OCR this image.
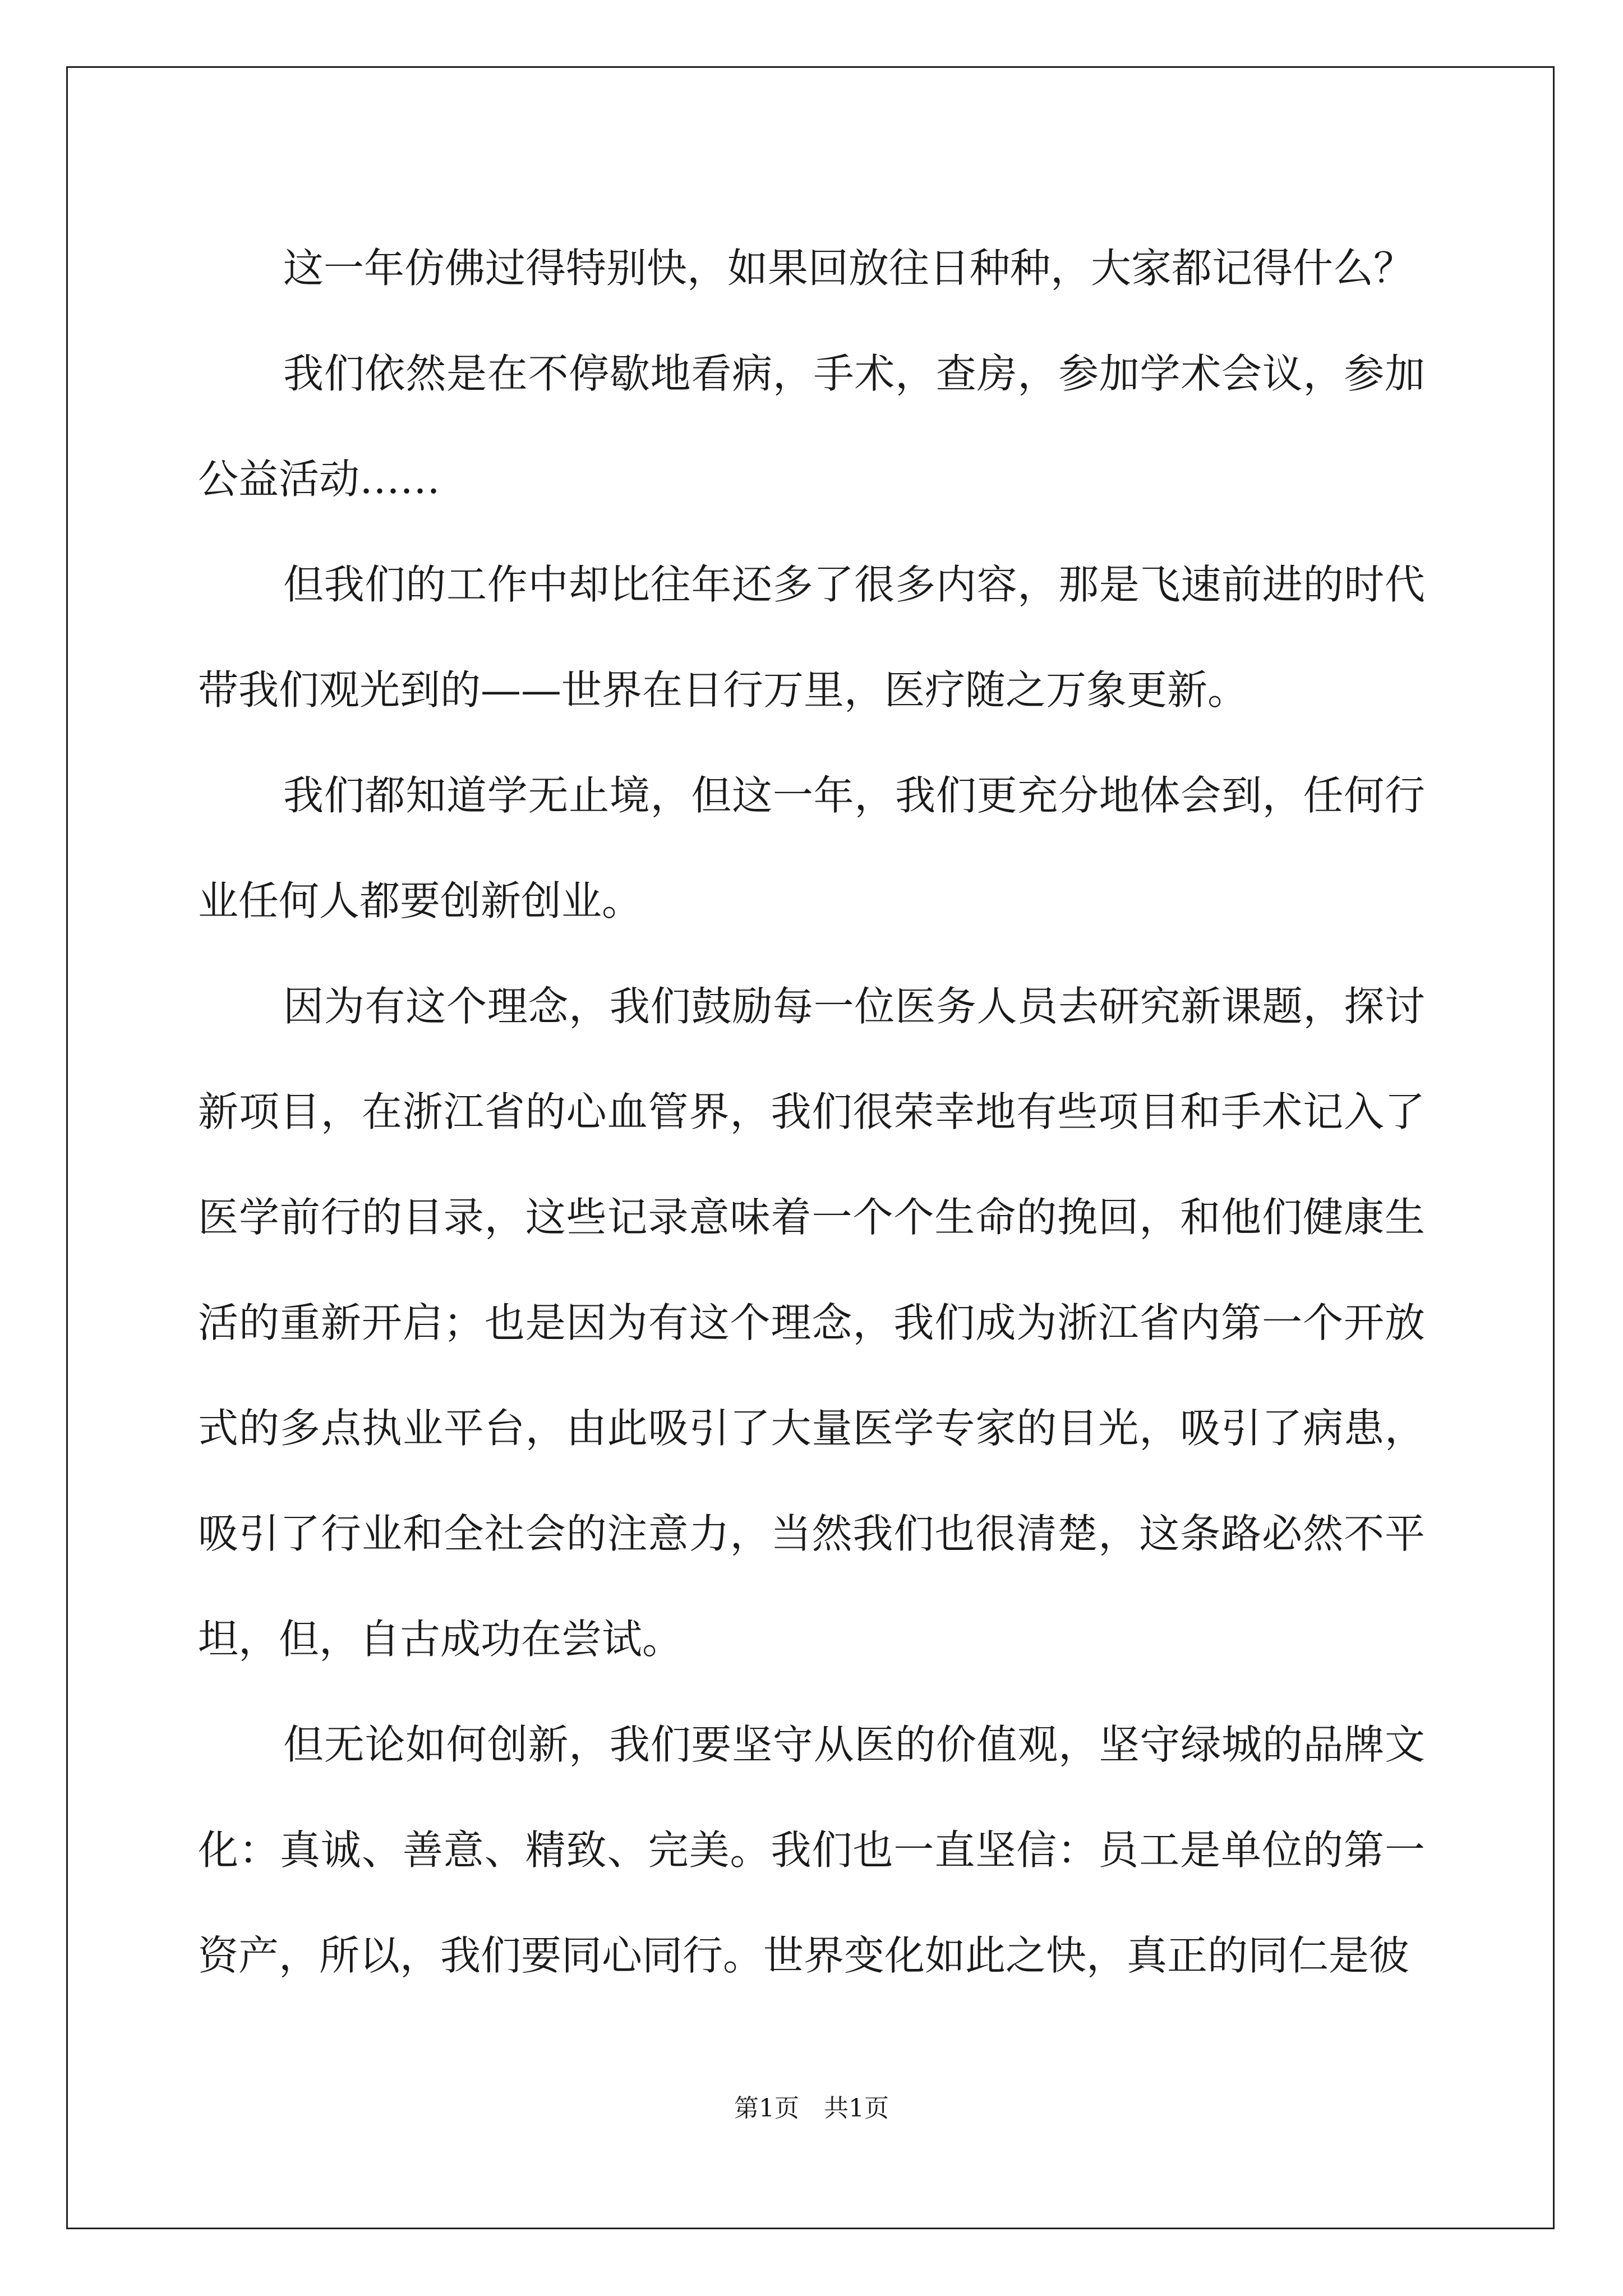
这一年仿佛过得特别快，如果回放往日种种，大家都记得什么？

我们依然是在不停歇地看病，手术，查房，参加学术会议，参加公益活动……

但我们的工作中却比往年还多了很多内容，那是飞速前进的时代带我们观光到的——世界在日行万里，医疗随之万象更新。

我们都知道学无止境，但这一年，我们更充分地体会到，任何行业任何人都要创新创业。

因为有这个理念，我们鼓励每一位医务人员去研究新课题，探讨新项目，在浙江省的心血管界，我们很荣幸地有些项目和手术记入了医学前行的目录，这些记录意味着一个个生命的挽回，和他们健康生活的重新开启；也是因为有这个理念，我们成为浙江省内第一个开放式的多点执业平台，由此吸引了大量医学专家的目光，吸引了病患，吸引了行业和全社会的注意力，当然我们也很清楚，这条路必然不平坦，但，自古成功在尝试。

但无论如何创新，我们要坚守从医的价值观，坚守绿城的品牌文化：真诚、善意、精致、完美。我们也一直坚信：员工是单位的第一资产，所以，我们要同心同行。世界变化如此之快，真正的同仁是彼

第1页　共1页
